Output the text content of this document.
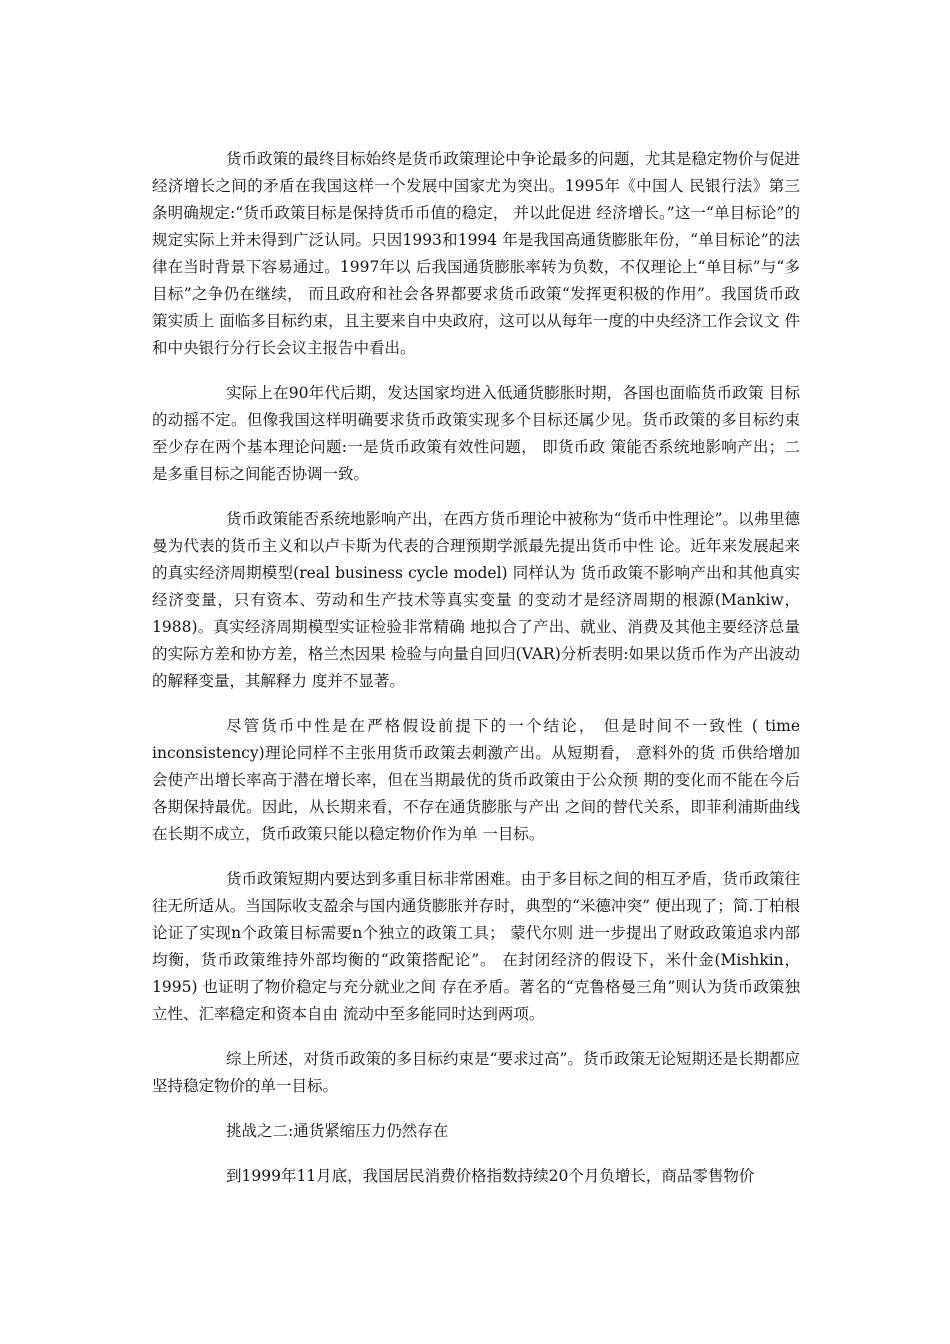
货币政策的最终目标始终是货币政策理论中争论最多的问题，尤其是稳定物价与促进经济增长之间的矛盾在我国这样一个发展中国家尤为突出。1995年《中国人 民银行法》第三条明确规定:“货币政策目标是保持货币币值的稳定， 并以此促进 经济增长。”这一“单目标论”的规定实际上并未得到广泛认同。只因1993和1994 年是我国高通货膨胀年份，“单目标论”的法律在当时背景下容易通过。1997年以 后我国通货膨胀率转为负数，不仅理论上“单目标”与“多目标”之争仍在继续， 而且政府和社会各界都要求货币政策“发挥更积极的作用”。我国货币政策实质上 面临多目标约束，且主要来自中央政府，这可以从每年一度的中央经济工作会议文 件和中央银行分行长会议主报告中看出。

实际上在90年代后期，发达国家均进入低通货膨胀时期，各国也面临货币政策 目标的动摇不定。但像我国这样明确要求货币政策实现多个目标还属少见。货币政策的多目标约束至少存在两个基本理论问题:一是货币政策有效性问题， 即货币政 策能否系统地影响产出；二是多重目标之间能否协调一致。

货币政策能否系统地影响产出，在西方货币理论中被称为“货币中性理论”。以弗里德曼为代表的货币主义和以卢卡斯为代表的合理预期学派最先提出货币中性 论。近年来发展起来的真实经济周期模型(real business cycle model) 同样认为 货币政策不影响产出和其他真实经济变量，只有资本、劳动和生产技术等真实变量 的变动才是经济周期的根源(Mankiw，1988)。真实经济周期模型实证检验非常精确 地拟合了产出、就业、消费及其他主要经济总量的实际方差和协方差，格兰杰因果 检验与向量自回归(VAR)分析表明:如果以货币作为产出波动的解释变量，其解释力 度并不显著。

尽管货币中性是在严格假设前提下的一个结论， 但是时间不一致性 ( time inconsistency)理论同样不主张用货币政策去刺激产出。从短期看， 意料外的货 币供给增加会使产出增长率高于潜在增长率，但在当期最优的货币政策由于公众预 期的变化而不能在今后各期保持最优。因此，从长期来看，不存在通货膨胀与产出 之间的替代关系，即菲利浦斯曲线在长期不成立，货币政策只能以稳定物价作为单 一目标。

货币政策短期内要达到多重目标非常困难。由于多目标之间的相互矛盾，货币政策往往无所适从。当国际收支盈余与国内通货膨胀并存时，典型的“米德冲突” 便出现了；简.丁柏根论证了实现n个政策目标需要n个独立的政策工具； 蒙代尔则 进一步提出了财政政策追求内部均衡，货币政策维持外部均衡的“政策搭配论”。 在封闭经济的假设下，米什金(Mishkin，1995) 也证明了物价稳定与充分就业之间 存在矛盾。著名的“克鲁格曼三角”则认为货币政策独立性、汇率稳定和资本自由 流动中至多能同时达到两项。

综上所述，对货币政策的多目标约束是“要求过高”。货币政策无论短期还是长期都应坚持稳定物价的单一目标。

挑战之二:通货紧缩压力仍然存在

到1999年11月底，我国居民消费价格指数持续20个月负增长，商品零售物价
